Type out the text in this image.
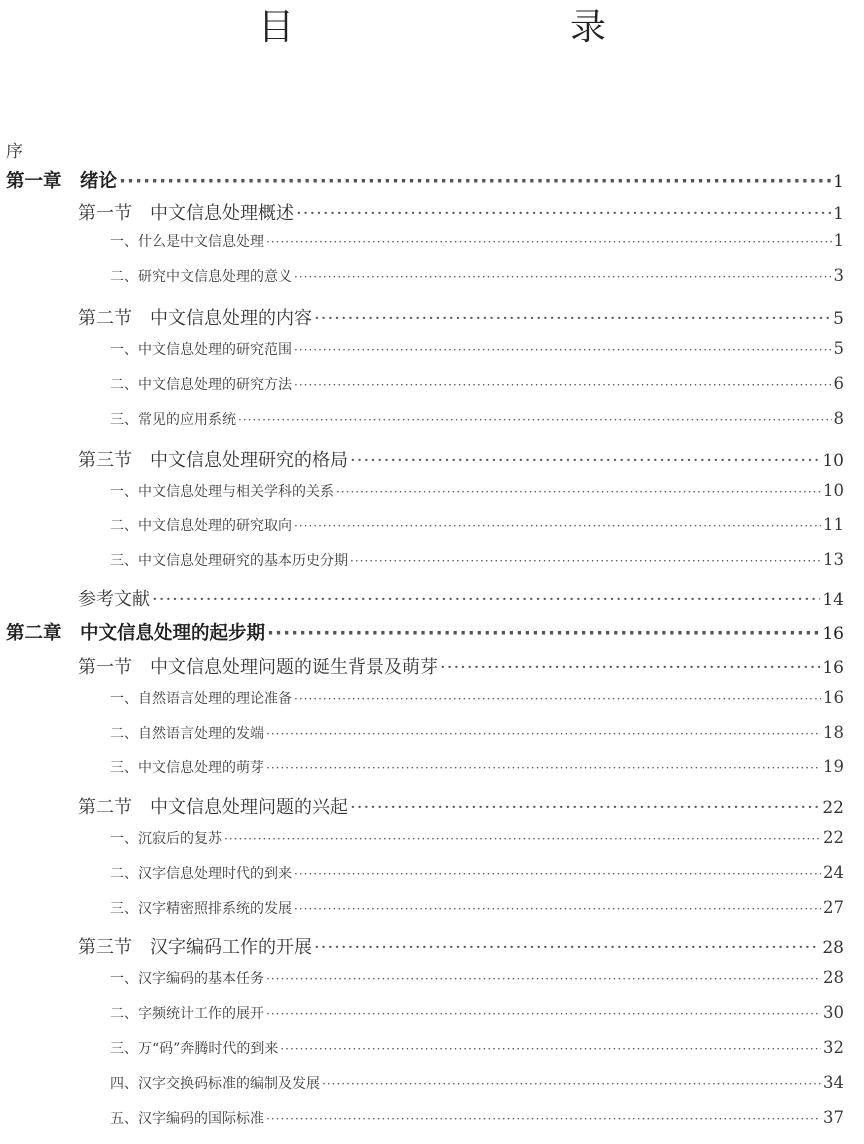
目　　录
序
第一章　绪论 ·····	1
第一节　中文信息处理概述 ·····	1
一、什么是中文信息处理 ·····	1
二、研究中文信息处理的意义 ·····	3
第二节　中文信息处理的内容 ·····	5
一、中文信息处理的研究范围 ·····	5
二、中文信息处理的研究方法 ·····	6
三、常见的应用系统 ·····	8
第三节　中文信息处理研究的格局 ·····	10
一、中文信息处理与相关学科的关系 ·····	10
二、中文信息处理的研究取向 ·····	11
三、中文信息处理研究的基本历史分期 ·····	13
参考文献 ·····	14
第二章　中文信息处理的起步期 ·····	16
第一节　中文信息处理问题的诞生背景及萌芽 ·····	16
一、自然语言处理的理论准备 ·····	16
二、自然语言处理的发端 ·····	18
三、中文信息处理的萌芽 ·····	19
第二节　中文信息处理问题的兴起 ·····	22
一、沉寂后的复苏 ·····	22
二、汉字信息处理时代的到来 ·····	24
三、汉字精密照排系统的发展 ·····	27
第三节　汉字编码工作的开展 ·····	28
一、汉字编码的基本任务 ·····	28
二、字频统计工作的展开 ·····	30
三、万“码”奔腾时代的到来 ·····	32
四、汉字交换码标准的编制及发展 ·····	34
五、汉字编码的国际标准 ·····	37
